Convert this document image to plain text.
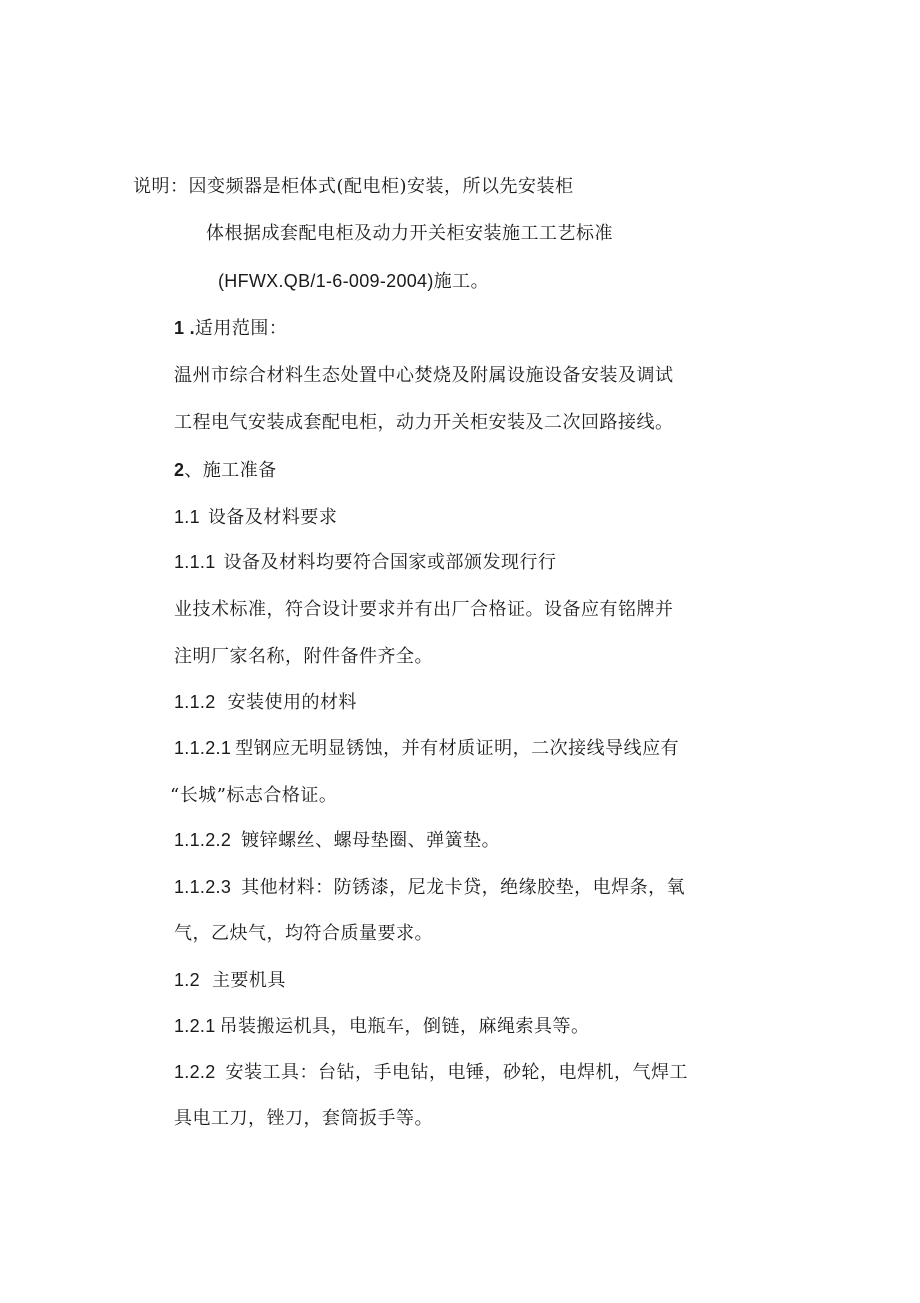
说明：因变频器是柜体式(配电柜)安装，所以先安装柜
体根据成套配电柜及动力开关柜安装施工工艺标准
(HFWX.QB/1-6-009-2004)施工。
1 .适用范围：
温州市综合材料生态处置中心焚烧及附属设施设备安装及调试
工程电气安装成套配电柜，动力开关柜安装及二次回路接线。
2、施工准备
1.1 设备及材料要求
1.1.1 设备及材料均要符合国家或部颁发现行行
业技术标准，符合设计要求并有出厂合格证。设备应有铭牌并
注明厂家名称，附件备件齐全。
1.1.2 安装使用的材料
1.1.2.1 型钢应无明显锈蚀，并有材质证明，二次接线导线应有
“长城”标志合格证。
1.1.2.2 镀锌螺丝、螺母垫圈、弹簧垫。
1.1.2.3 其他材料：防锈漆，尼龙卡贷，绝缘胶垫，电焊条，氧
气，乙炔气，均符合质量要求。
1.2 主要机具
1.2.1 吊装搬运机具，电瓶车，倒链，麻绳索具等。
1.2.2 安装工具：台钻，手电钻，电锤，砂轮，电焊机，气焊工
具电工刀，锉刀，套筒扳手等。
